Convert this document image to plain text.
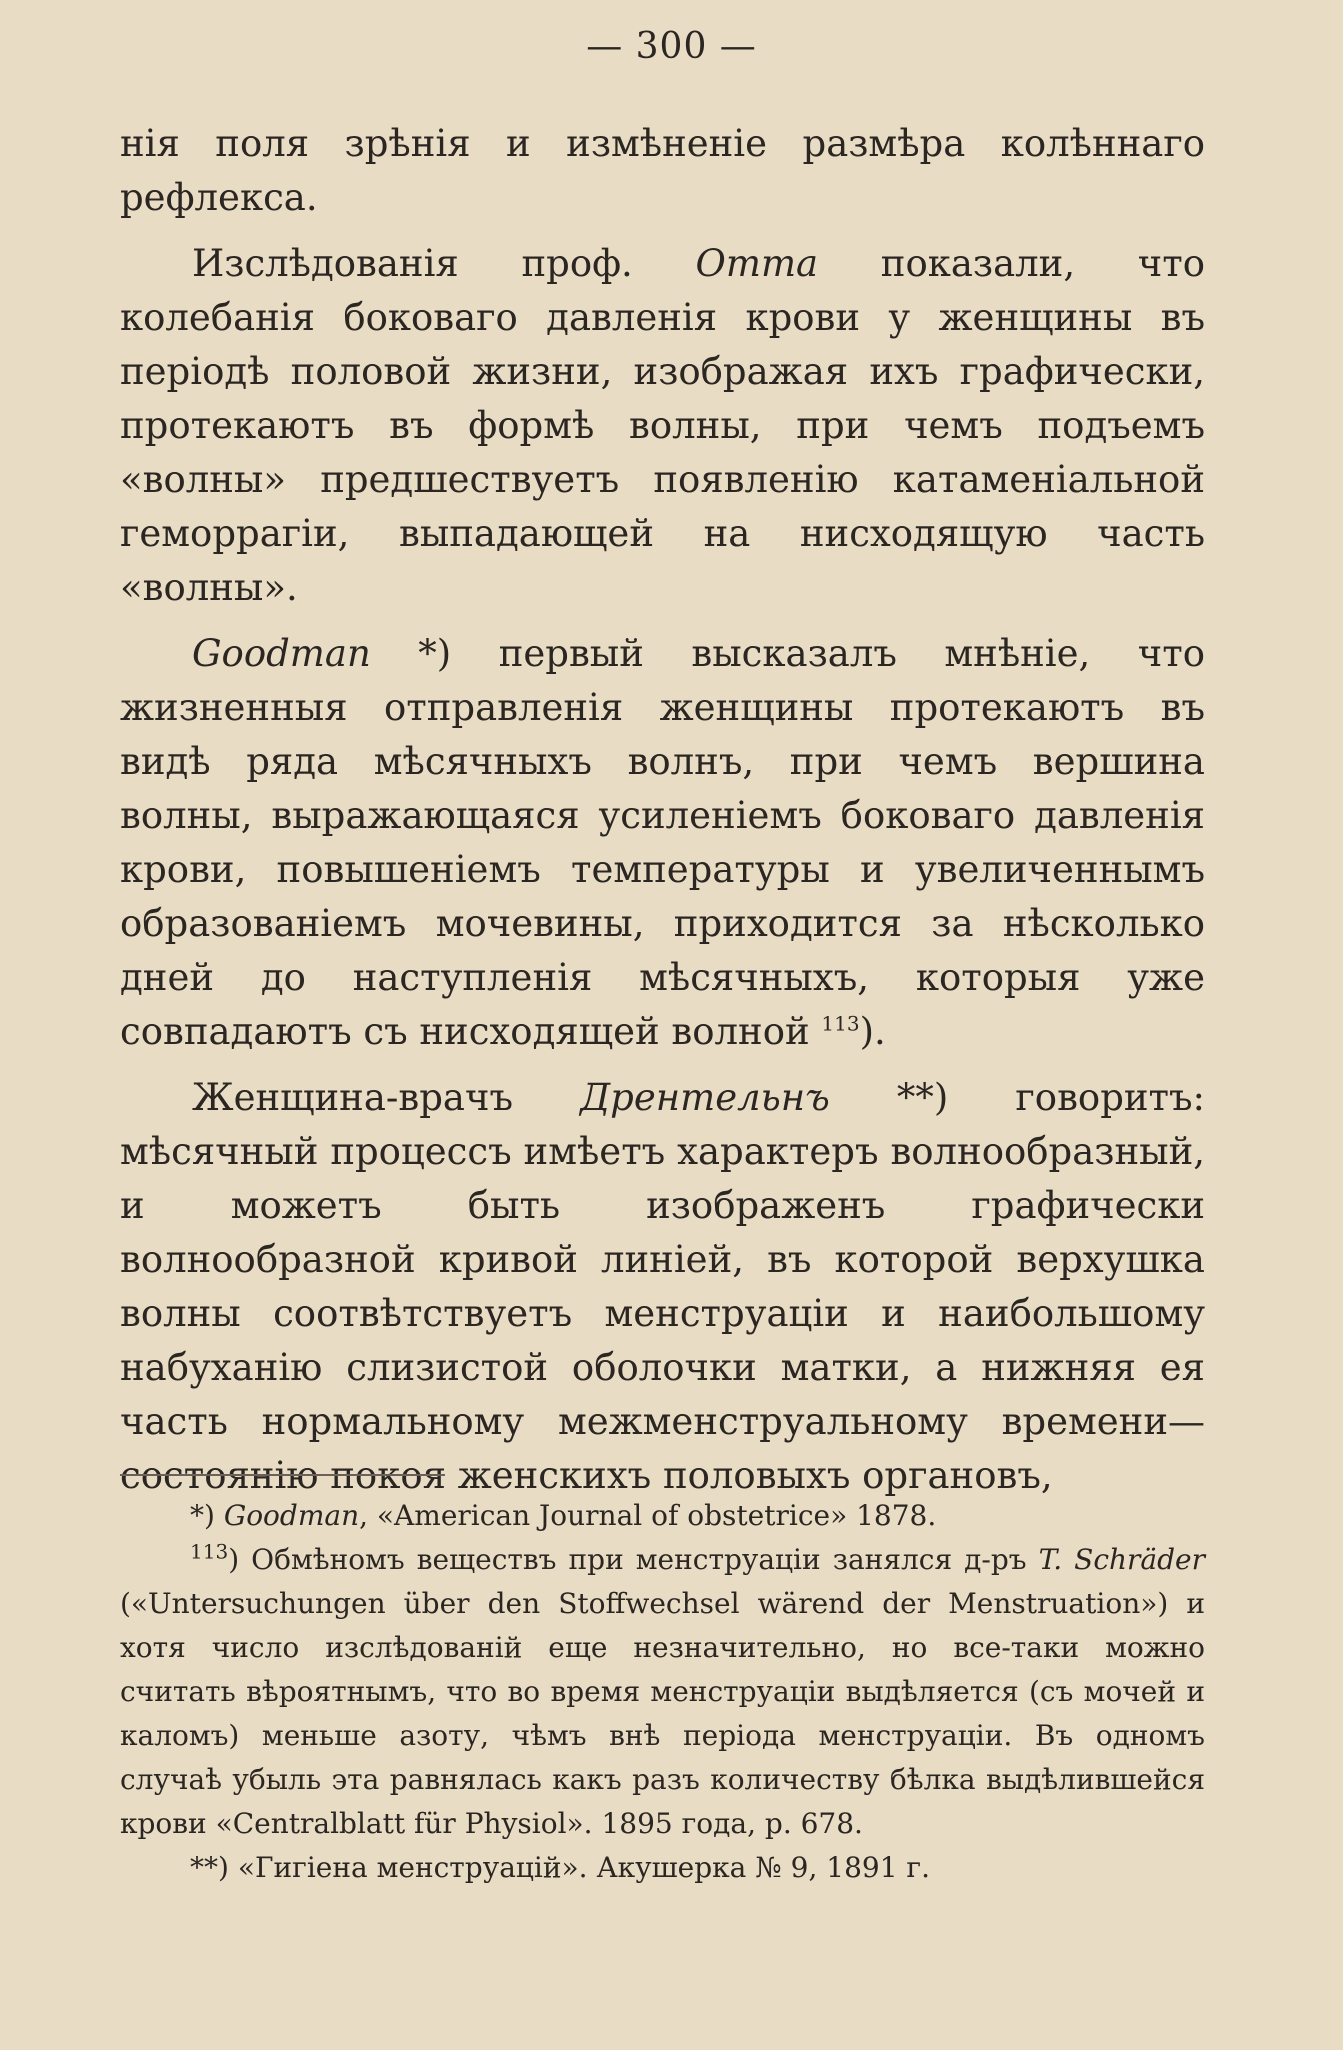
— 300 —

нія поля зрѣнія и измѣненіе размѣра колѣннаго рефлекса.

Изслѣдованія проф. Отта показали, что колебанія боковаго давленія крови у женщины въ періодѣ половой жизни, изображая ихъ графически, протекаютъ въ формѣ волны, при чемъ подъемъ «волны» предшествуетъ появленію катаменіальной геморрагіи, выпадающей на нисходящую часть «волны».

Goodman *) первый высказалъ мнѣніе, что жизненныя отправленія женщины протекаютъ въ видѣ ряда мѣсячныхъ волнъ, при чемъ вершина волны, выражающаяся усиленіемъ боковаго давленія крови, повышеніемъ температуры и увеличеннымъ образованіемъ мочевины, приходится за нѣсколько дней до наступленія мѣсячныхъ, которыя уже совпадаютъ съ нисходящей волной $^{113}$).

Женщина-врачъ Дрентельнъ **) говоритъ: мѣсячный процессъ имѣетъ характеръ волнообразный, и можетъ быть изображенъ графически волнообразной кривой линіей, въ которой верхушка волны соотвѣтствуетъ менструаціи и наибольшому набуханію слизистой оболочки матки, а нижняя ея часть нормальному межменструальному времени—состоянію покоя женскихъ половыхъ органовъ,

*) Goodman, «American Journal of obstetrice» 1878.

$^{113}$) Обмѣномъ веществъ при менструаціи занялся д-ръ T. Schräder («Untersuchungen über den Stoffwechsel wärend der Menstruation») и хотя число изслѣдованій еще незначительно, но все-таки можно считать вѣроятнымъ, что во время менструаціи выдѣляется (съ мочей и каломъ) меньше азоту, чѣмъ внѣ періода менструаціи. Въ одномъ случаѣ убыль эта равнялась какъ разъ количеству бѣлка выдѣлившейся крови «Centralblatt für Physiol». 1895 года, p. 678.

**) «Гигіена менструацій». Акушерка № 9, 1891 г.
